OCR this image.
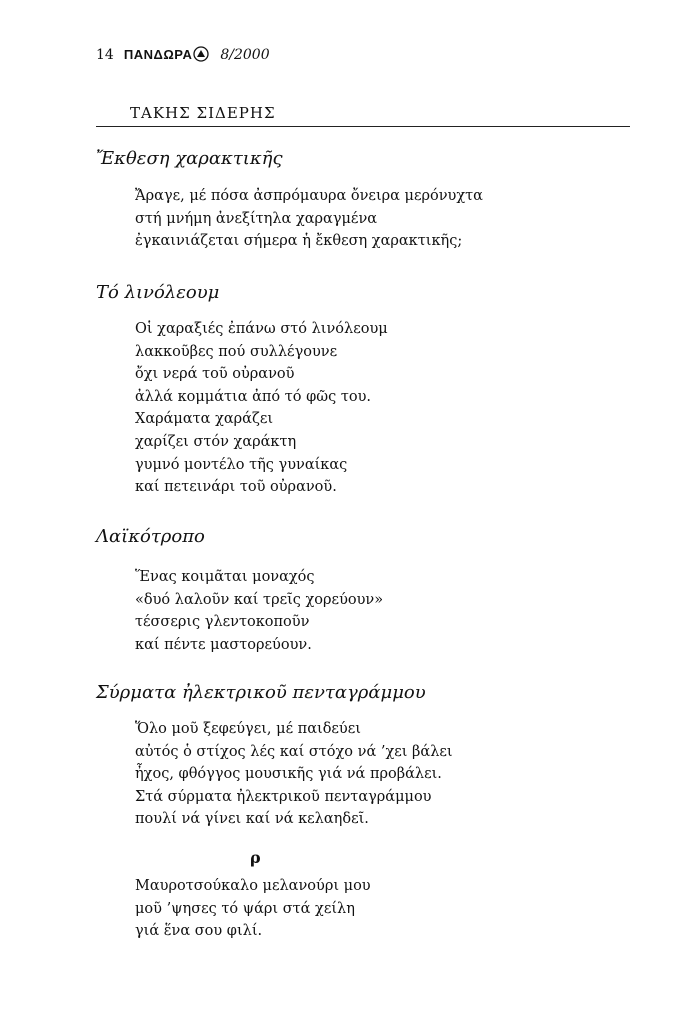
14 ΠΑΝΔΩΡΑ 8/2000
ΤΑΚΗΣ ΣΙΔΕΡΗΣ
Ἔκθεση χαρακτικῆς
Ἄραγε, μέ πόσα ἀσπρόμαυρα ὄνειρα μερόνυχτα
στή μνήμη ἀνεξίτηλα χαραγμένα
ἐγκαινιάζεται σήμερα ἡ ἔκθεση χαρακτικῆς;
Τό λινόλεουμ
Οἱ χαραξιές ἐπάνω στό λινόλεουμ
λακκοῦβες πού συλλέγουνε
ὄχι νερά τοῦ οὐρανοῦ
ἀλλά κομμάτια ἀπό τό φῶς του.
Χαράματα χαράζει
χαρίζει στόν χαράκτη
γυμνό μοντέλο τῆς γυναίκας
καί πετεινάρι τοῦ οὐρανοῦ.
Λαϊκότροπο
Ἕνας κοιμᾶται μοναχός
«δυό λαλοῦν καί τρεῖς χορεύουν»
τέσσερις γλεντοκοποῦν
καί πέντε μαστορεύουν.
Σύρματα ἠλεκτρικοῦ πενταγράμμου
Ὅλο μοῦ ξεφεύγει, μέ παιδεύει
αὐτός ὁ στίχος λές καί στόχο νά ’χει βάλει
ἦχος, φθόγγος μουσικῆς γιά νά προβάλει.
Στά σύρματα ἠλεκτρικοῦ πενταγράμμου
πουλί νά γίνει καί νά κελαηδεῖ.
ρ
Μαυροτσούκαλο μελανούρι μου
μοῦ ’ψησες τό ψάρι στά χείλη
γιά ἕνα σου φιλί.
